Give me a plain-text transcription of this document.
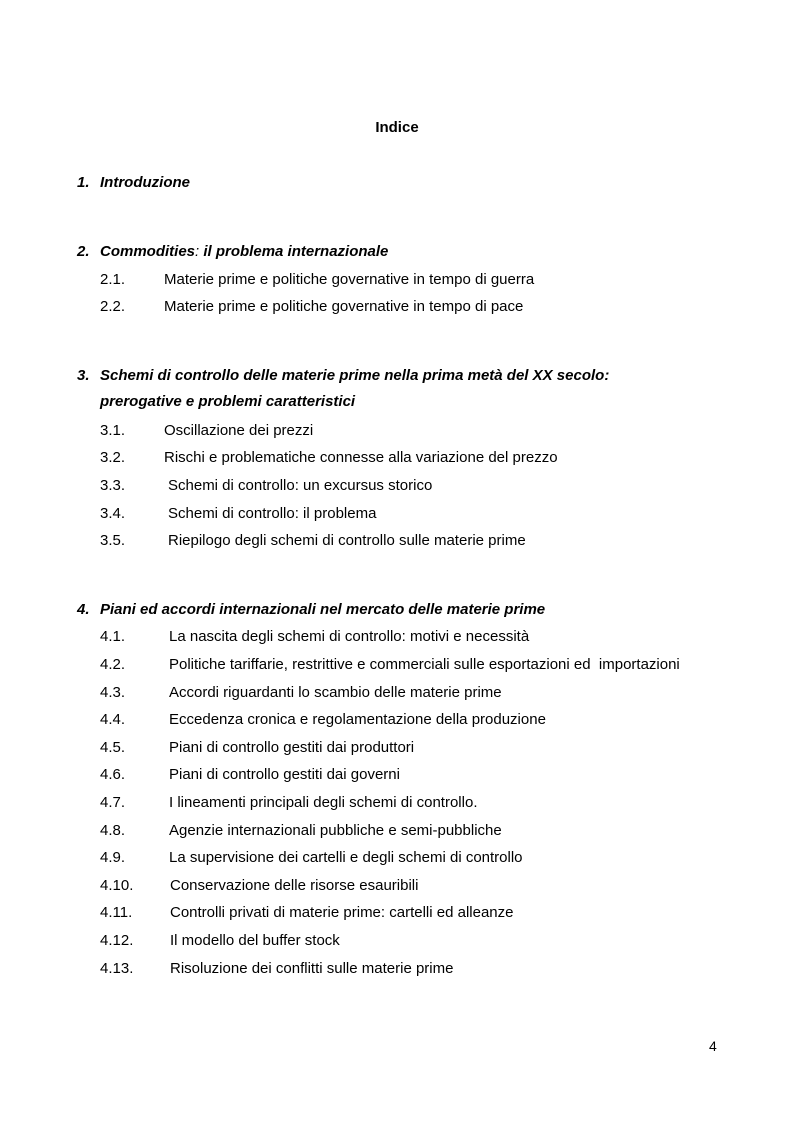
Indice
1. Introduzione
2. Commodities: il problema internazionale
2.1.	Materie prime e politiche governative in tempo di guerra
2.2.	Materie prime e politiche governative in tempo di pace
3. Schemi di controllo delle materie prime nella prima metà del XX secolo:
prerogative e problemi caratteristici
3.1.	Oscillazione dei prezzi
3.2.	Rischi e problematiche connesse alla variazione del prezzo
3.3.	Schemi di controllo: un excursus storico
3.4.	Schemi di controllo: il problema
3.5.	Riepilogo degli schemi di controllo sulle materie prime
4. Piani ed accordi internazionali nel mercato delle materie prime
4.1.	La nascita degli schemi di controllo: motivi e necessità
4.2.	Politiche tariffarie, restrittive e commerciali sulle esportazioni ed  importazioni
4.3.	Accordi riguardanti lo scambio delle materie prime
4.4.	Eccedenza cronica e regolamentazione della produzione
4.5.	Piani di controllo gestiti dai produttori
4.6.	Piani di controllo gestiti dai governi
4.7.	I lineamenti principali degli schemi di controllo.
4.8.	Agenzie internazionali pubbliche e semi-pubbliche
4.9.	La supervisione dei cartelli e degli schemi di controllo
4.10. Conservazione delle risorse esauribili
4.11.	Controlli privati di materie prime: cartelli ed alleanze
4.12. Il modello del buffer stock
4.13. Risoluzione dei conflitti sulle materie prime
4
